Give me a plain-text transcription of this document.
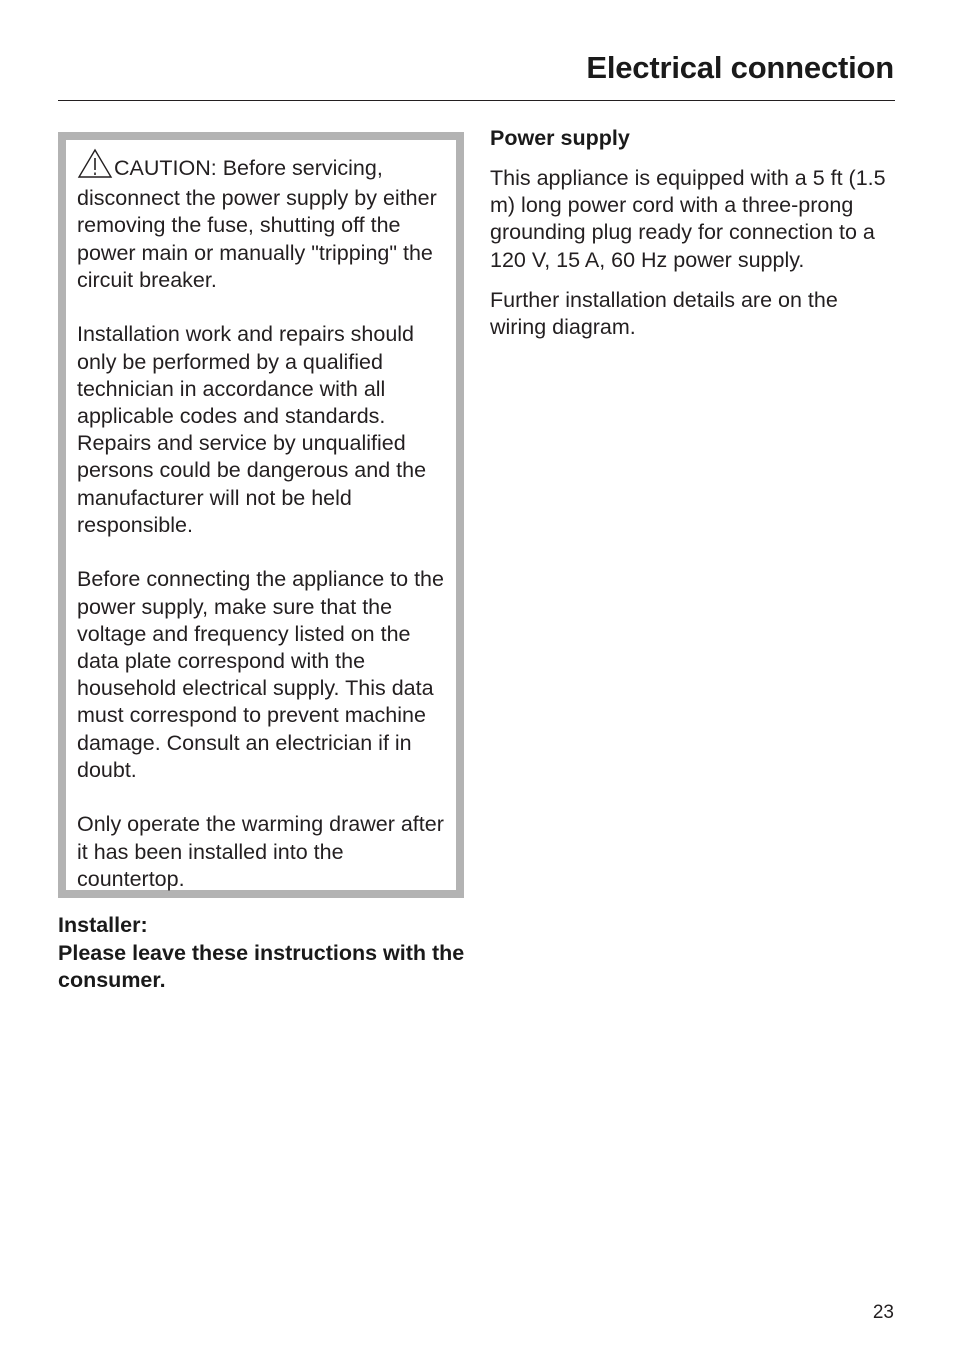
Electrical connection

CAUTION: Before servicing, disconnect the power supply by either removing the fuse, shutting off the power main or manually "tripping" the circuit breaker.

Installation work and repairs should only be performed by a qualified technician in accordance with all applicable codes and standards. Repairs and service by unqualified persons could be dangerous and the manufacturer will not be held responsible.

Before connecting the appliance to the power supply, make sure that the voltage and frequency listed on the data plate correspond with the household electrical supply. This data must correspond to prevent machine damage. Consult an electrician if in doubt.

Only operate the warming drawer after it has been installed into the countertop.

Installer:
Please leave these instructions with the consumer.
Power supply

This appliance is equipped with a 5 ft (1.5 m) long power cord with a three-prong grounding plug ready for connection to a 120 V, 15 A, 60 Hz power supply.

Further installation details are on the wiring diagram.

23
